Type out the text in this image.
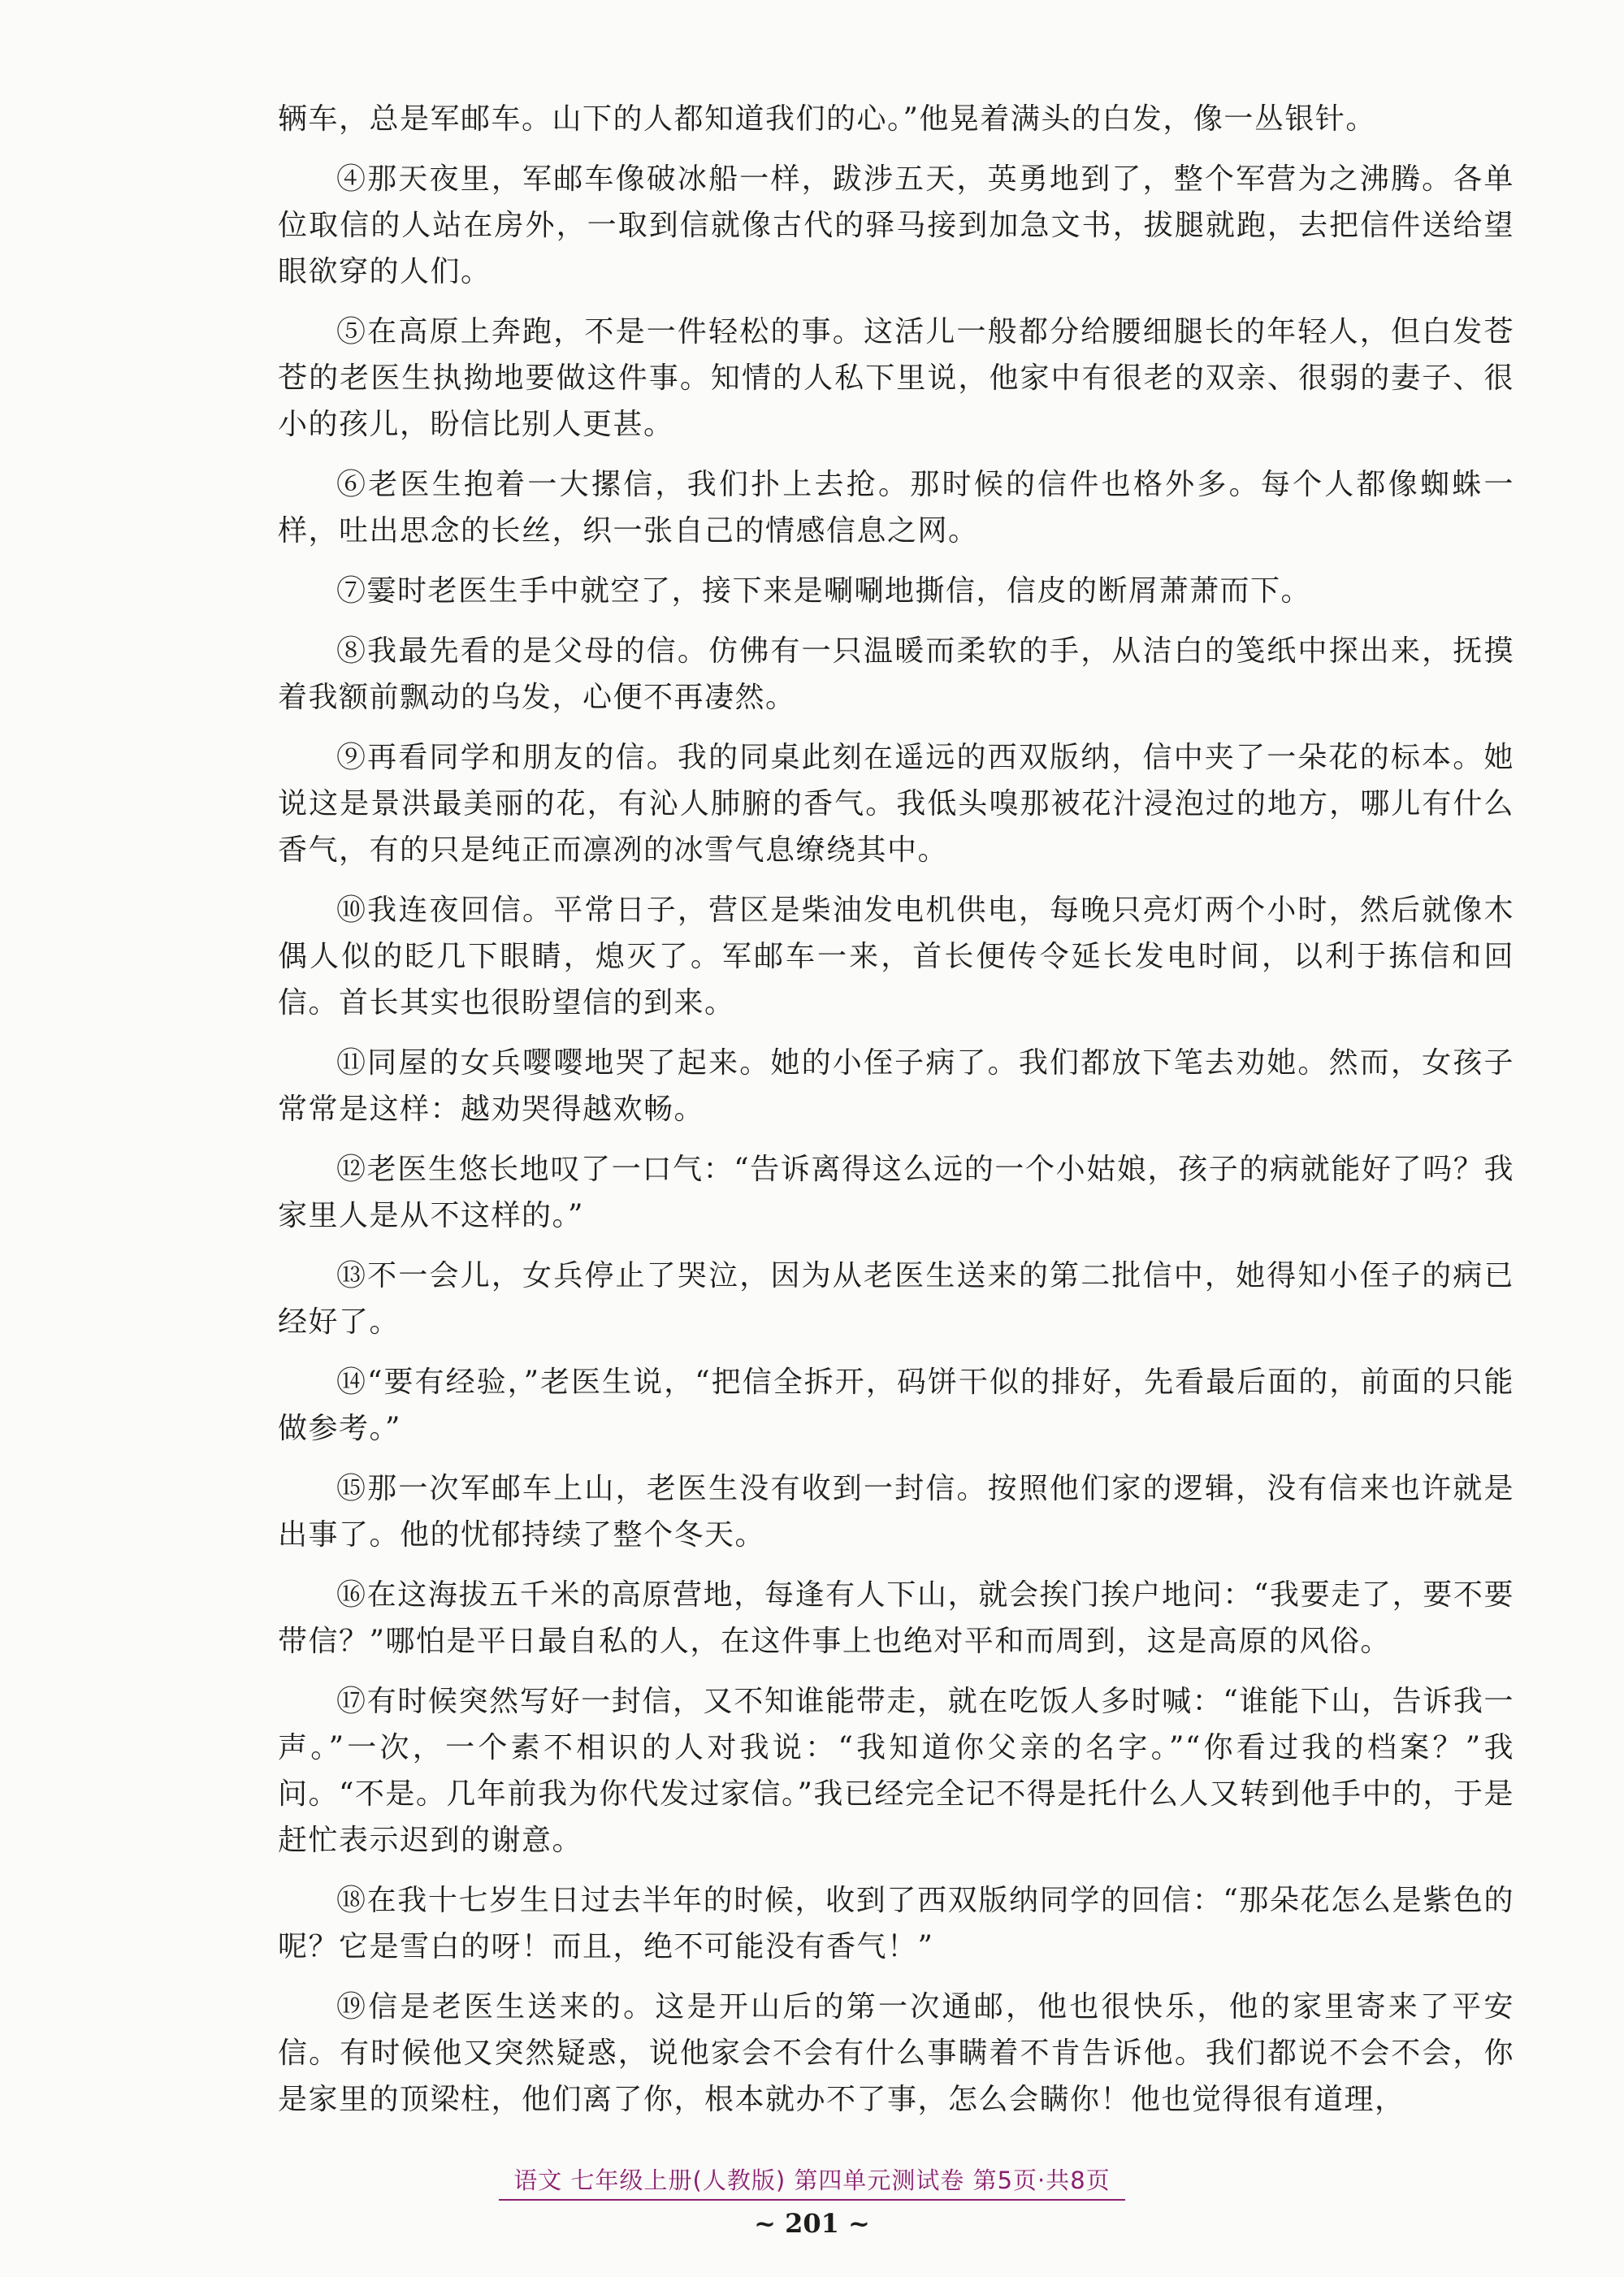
辆车，总是军邮车。山下的人都知道我们的心。”他晃着满头的白发，像一丛银针。

④那天夜里，军邮车像破冰船一样，跋涉五天，英勇地到了，整个军营为之沸腾。各单位取信的人站在房外，一取到信就像古代的驿马接到加急文书，拔腿就跑，去把信件送给望眼欲穿的人们。

⑤在高原上奔跑，不是一件轻松的事。这活儿一般都分给腰细腿长的年轻人，但白发苍苍的老医生执拗地要做这件事。知情的人私下里说，他家中有很老的双亲、很弱的妻子、很小的孩儿，盼信比别人更甚。

⑥老医生抱着一大摞信，我们扑上去抢。那时候的信件也格外多。每个人都像蜘蛛一样，吐出思念的长丝，织一张自己的情感信息之网。

⑦霎时老医生手中就空了，接下来是唰唰地撕信，信皮的断屑萧萧而下。

⑧我最先看的是父母的信。仿佛有一只温暖而柔软的手，从洁白的笺纸中探出来，抚摸着我额前飘动的乌发，心便不再凄然。

⑨再看同学和朋友的信。我的同桌此刻在遥远的西双版纳，信中夹了一朵花的标本。她说这是景洪最美丽的花，有沁人肺腑的香气。我低头嗅那被花汁浸泡过的地方，哪儿有什么香气，有的只是纯正而凛冽的冰雪气息缭绕其中。

⑩我连夜回信。平常日子，营区是柴油发电机供电，每晚只亮灯两个小时，然后就像木偶人似的眨几下眼睛，熄灭了。军邮车一来，首长便传令延长发电时间，以利于拣信和回信。首长其实也很盼望信的到来。

⑪同屋的女兵嘤嘤地哭了起来。她的小侄子病了。我们都放下笔去劝她。然而，女孩子常常是这样：越劝哭得越欢畅。

⑫老医生悠长地叹了一口气：“告诉离得这么远的一个小姑娘，孩子的病就能好了吗？我家里人是从不这样的。”

⑬不一会儿，女兵停止了哭泣，因为从老医生送来的第二批信中，她得知小侄子的病已经好了。

⑭“要有经验，”老医生说，“把信全拆开，码饼干似的排好，先看最后面的，前面的只能做参考。”

⑮那一次军邮车上山，老医生没有收到一封信。按照他们家的逻辑，没有信来也许就是出事了。他的忧郁持续了整个冬天。

⑯在这海拔五千米的高原营地，每逢有人下山，就会挨门挨户地问：“我要走了，要不要带信？”哪怕是平日最自私的人，在这件事上也绝对平和而周到，这是高原的风俗。

⑰有时候突然写好一封信，又不知谁能带走，就在吃饭人多时喊：“谁能下山，告诉我一声。”一次，一个素不相识的人对我说：“我知道你父亲的名字。”“你看过我的档案？”我问。“不是。几年前我为你代发过家信。”我已经完全记不得是托什么人又转到他手中的，于是赶忙表示迟到的谢意。

⑱在我十七岁生日过去半年的时候，收到了西双版纳同学的回信：“那朵花怎么是紫色的呢？它是雪白的呀！而且，绝不可能没有香气！”

⑲信是老医生送来的。这是开山后的第一次通邮，他也很快乐，他的家里寄来了平安信。有时候他又突然疑惑，说他家会不会有什么事瞒着不肯告诉他。我们都说不会不会，你是家里的顶梁柱，他们离了你，根本就办不了事，怎么会瞒你！他也觉得很有道理，

语文 七年级上册(人教版) 第四单元测试卷 第5页·共8页
~ 201 ~
